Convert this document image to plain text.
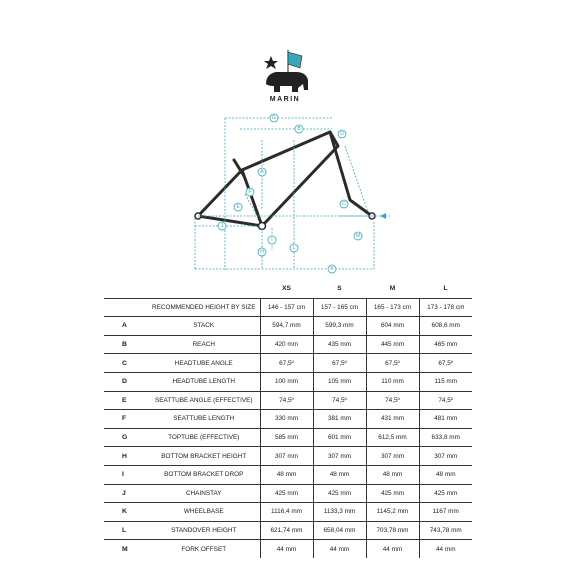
A
B
C
D
E
F
G
H
I
J
K
L
M
MARIN
		XS	S	M	L
	RECOMMENDED HEIGHT BY SIZE	146 - 157 cm	157 - 165 cm	165 - 173 cm	173 - 178 cm
A	STACK	594,7 mm	599,3 mm	604 mm	608,6 mm
B	REACH	420 mm	435 mm	445 mm	465 mm
C	HEADTUBE ANGLE	67,5º	67,5º	67,5º	67,5º
D	HEADTUBE LENGTH	100 mm	105 mm	110 mm	115 mm
E	SEATTUBE ANGLE (EFFECTIVE)	74,5º	74,5º	74,5º	74,5º
F	SEATTUBE LENGTH	330 mm	381 mm	431 mm	481 mm
G	TOPTUBE (EFFECTIVE)	585 mm	601 mm	612,5 mm	633,8 mm
H	BOTTOM BRACKET HEIGHT	307 mm	307 mm	307 mm	307 mm
I	BOTTOM BRACKET DROP	48 mm	48 mm	48 mm	48 mm
J	CHAINSTAY	425 mm	425 mm	425 mm	425 mm
K	WHEELBASE	1116,4 mm	1133,3 mm	1145,2 mm	1167 mm
L	STANDOVER HEIGHT	621,74 mm	658,04 mm	703,78 mm	743,78 mm
M	FORK OFFSET	44 mm	44 mm	44 mm	44 mm
